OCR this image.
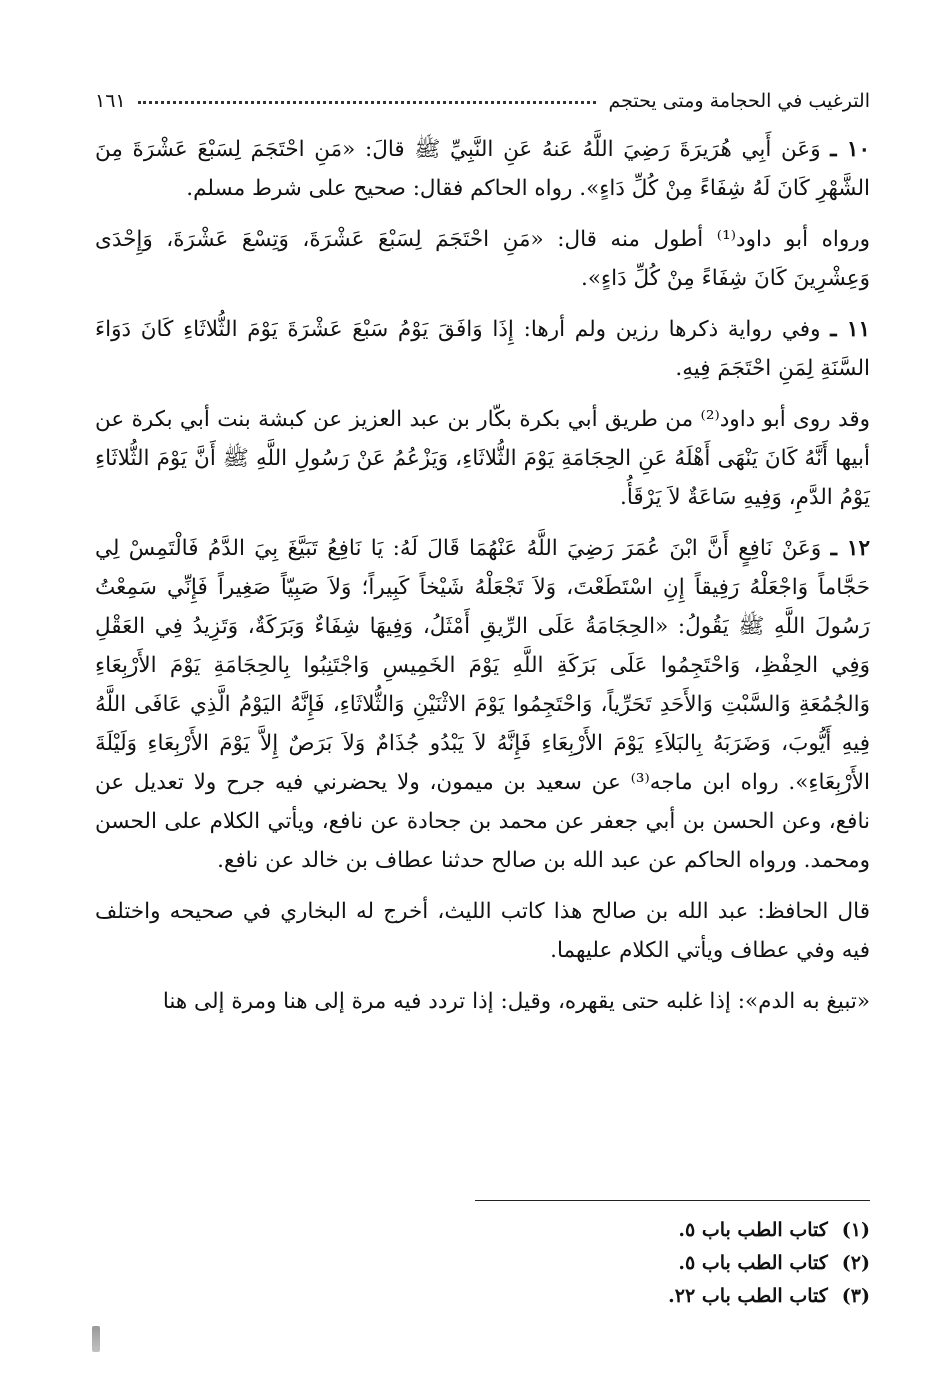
الترغيب في الحجامة ومتى يحتجم
١٦١

١٠ ـ وَعَن أَبِي هُرَيرَةَ رَضِيَ اللَّهُ عَنهُ عَنِ النَّبِيِّ ﷺ قالَ: «مَنِ احْتَجَمَ لِسَبْعَ عَشْرَةَ مِنَ الشَّهْرِ كَانَ لَهُ شِفَاءً مِنْ كُلِّ دَاءٍ». رواه الحاكم فقال: صحيح على شرط مسلم.

ورواه أبو داود⁽¹⁾ أطول منه قال: «مَنِ احْتَجَمَ لِسَبْعَ عَشْرَةَ، وَتِسْعَ عَشْرَةَ، وَإِحْدَى وَعِشْرِينَ كَانَ شِفَاءً مِنْ كُلِّ دَاءٍ».

١١ ـ وفي رواية ذكرها رزين ولم أرها: إِذَا وَافَقَ يَوْمُ سَبْعَ عَشْرَةَ يَوْمَ الثُّلاثَاءِ كَانَ دَوَاءَ السَّنَةِ لِمَنِ احْتَجَمَ فِيهِ.

وقد روى أبو داود⁽²⁾ من طريق أبي بكرة بكّار بن عبد العزيز عن كبشة بنت أبي بكرة عن أبيها أَنَّهُ كَانَ يَنْهَى أَهْلَهُ عَنِ الحِجَامَةِ يَوْمَ الثُّلاثَاءِ، وَيَزْعُمُ عَنْ رَسُولِ اللَّهِ ﷺ أَنَّ يَوْمَ الثُّلاثَاءِ يَوْمُ الدَّمِ، وَفِيهِ سَاعَةٌ لاَ يَرْقَأُ.

١٢ ـ وَعَنْ نَافِعٍ أَنَّ ابْنَ عُمَرَ رَضِيَ اللَّهُ عَنْهُمَا قَالَ لَهُ: يَا نَافِعُ تَبَيَّغَ بِيَ الدَّمُ فَالْتَمِسْ لِي حَجَّاماً وَاجْعَلْهُ رَفِيقاً إِنِ اسْتَطَعْتَ، وَلاَ تَجْعَلْهُ شَيْخاً كَبِيراً؛ وَلاَ صَبِيّاً صَغِيراً فَإِنِّي سَمِعْتُ رَسُولَ اللَّهِ ﷺ يَقُولُ: «الحِجَامَةُ عَلَى الرِّيقِ أَمْثَلُ، وَفِيهَا شِفَاءٌ وَبَرَكَةٌ، وَتَزِيدُ فِي العَقْلِ وَفِي الحِفْظِ، وَاحْتَجِمُوا عَلَى بَرَكَةِ اللَّهِ يَوْمَ الخَمِيسِ وَاجْتَنِبُوا بِالحِجَامَةِ يَوْمَ الأَرْبِعَاءِ وَالجُمُعَةِ وَالسَّبْتِ وَالأَحَدِ تَحَرِّياً، وَاحْتَجِمُوا يَوْمَ الاثْنَيْنِ وَالثُّلاثَاءِ، فَإِنَّهُ اليَوْمُ الَّذِي عَافَى اللَّهُ فِيهِ أَيُّوبَ، وَضَرَبَهُ بِالبَلاَءِ يَوْمَ الأَرْبِعَاءِ فَإِنَّهُ لاَ يَبْدُو جُذَامٌ وَلاَ بَرَصٌ إِلاَّ يَوْمَ الأَرْبِعَاءِ وَلَيْلَةَ الأَرْبِعَاءِ». رواه ابن ماجه⁽³⁾ عن سعيد بن ميمون، ولا يحضرني فيه جرح ولا تعديل عن نافع، وعن الحسن بن أبي جعفر عن محمد بن جحادة عن نافع، ويأتي الكلام على الحسن ومحمد. ورواه الحاكم عن عبد الله بن صالح حدثنا عطاف بن خالد عن نافع.

قال الحافظ: عبد الله بن صالح هذا كاتب الليث، أخرج له البخاري في صحيحه واختلف فيه وفي عطاف ويأتي الكلام عليهما.

«تبيغ به الدم»: إذا غلبه حتى يقهره، وقيل: إذا تردد فيه مرة إلى هنا ومرة إلى هنا

(١)كتاب الطب باب ٥.
(٢)كتاب الطب باب ٥.
(٣)كتاب الطب باب ٢٢.
